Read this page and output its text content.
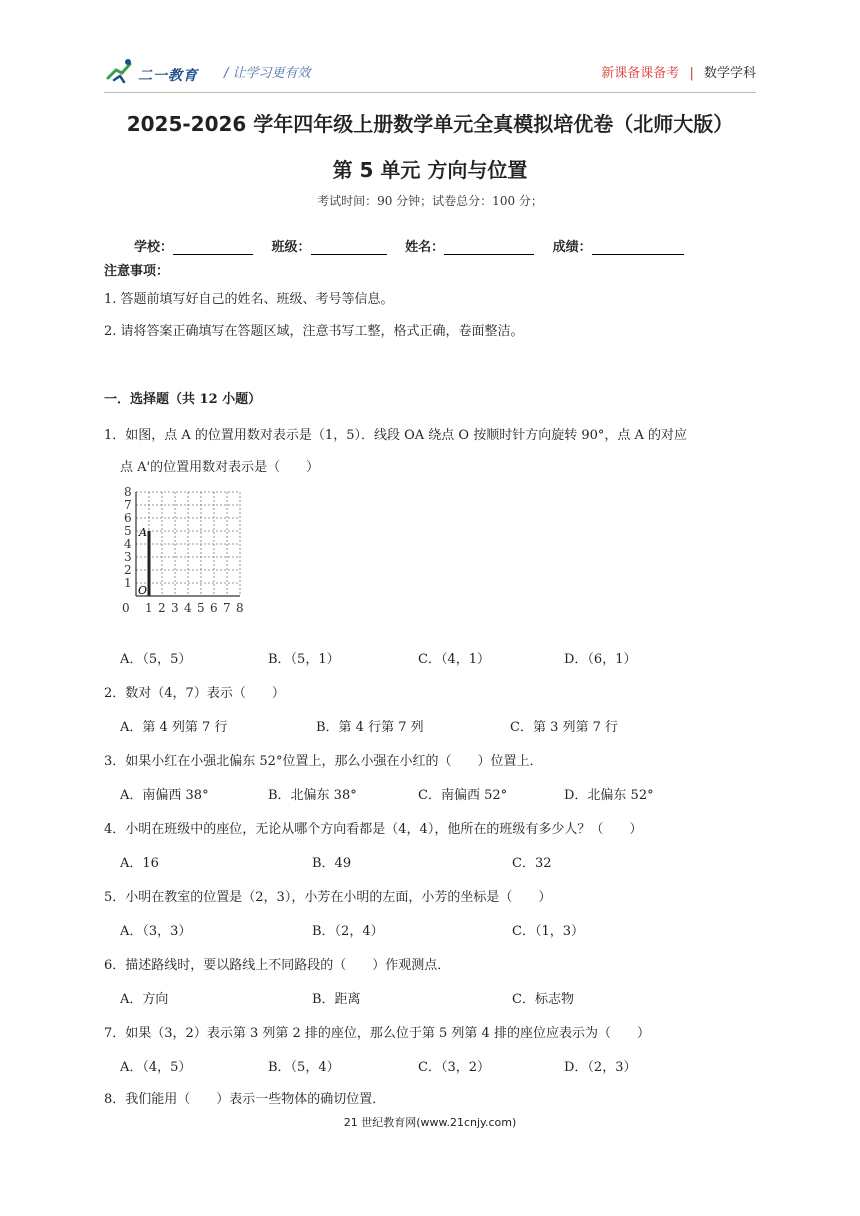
二一教育 / 让学习更有效	新课备课备考 | 数学学科
2025-2026 学年四年级上册数学单元全真模拟培优卷（北师大版）
第 5 单元 方向与位置
考试时间：90 分钟；试卷总分：100 分；
学校：	班级：	姓名：	成绩：
注意事项：
1. 答题前填写好自己的姓名、班级、考号等信息。
2. 请将答案正确填写在答题区域，注意书写工整，格式正确，卷面整洁。
一．选择题（共 12 小题）
1．如图，点 A 的位置用数对表示是（1，5）．线段 OA 绕点 O 按顺时针方向旋转 90°，点 A 的对应
点 A'的位置用数对表示是（　　）
O
A
0 1 2 3 4 5 6 7 8
1
2
3
4
5
6
7
8
A．（5，5）	B．（5，1）	C．（4，1）	D．（6，1）
2．数对（4，7）表示（　　）
A．第 4 列第 7 行	B．第 4 行第 7 列	C．第 3 列第 7 行
3．如果小红在小强北偏东 52°位置上，那么小强在小红的（　　）位置上．
A．南偏西 38°	B．北偏东 38°	C．南偏西 52°	D．北偏东 52°
4．小明在班级中的座位，无论从哪个方向看都是（4，4），他所在的班级有多少人？（　　）
A．16	B．49	C．32
5．小明在教室的位置是（2，3），小芳在小明的左面，小芳的坐标是（　　）
A．（3，3）	B．（2，4）	C．（1，3）
6．描述路线时，要以路线上不同路段的（　　）作观测点．
A．方向	B．距离	C．标志物
7．如果（3，2）表示第 3 列第 2 排的座位，那么位于第 5 列第 4 排的座位应表示为（　　）
A．（4，5）	B．（5，4）	C．（3，2）	D．（2，3）
8．我们能用（　　）表示一些物体的确切位置．
21 世纪教育网(www.21cnjy.com)
